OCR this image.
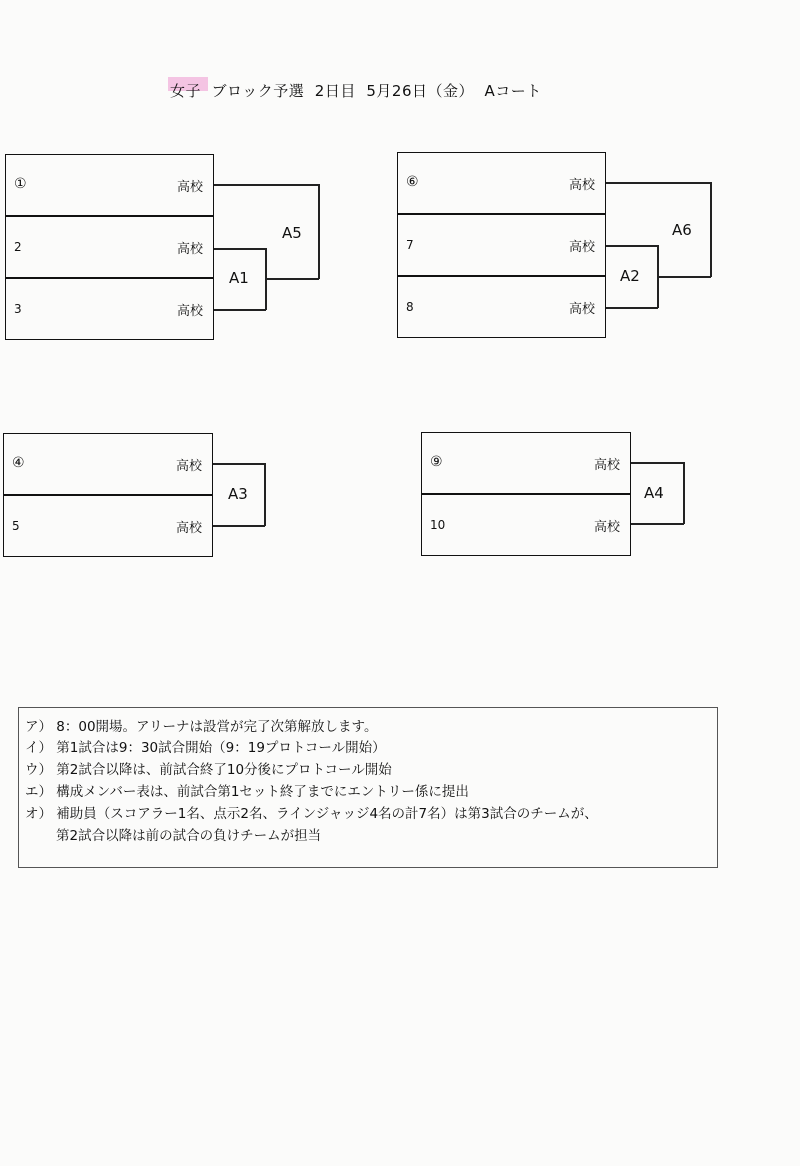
女子  ブロック予選  2日目  5月26日（金）  Aコート
①	高校
2	高校
3	高校
A1
A5
⑥	高校
7	高校
8	高校
A2
A6
④	高校
5	高校
A3
⑨	高校
10	高校
A4
ア） 8：00開場。アリーナは設営が完了次第解放します。
イ） 第1試合は9：30試合開始（9：19プロトコール開始）
ウ） 第2試合以降は、前試合終了10分後にプロトコール開始
エ） 構成メンバー表は、前試合第1セット終了までにエントリー係に提出
オ） 補助員（スコアラー1名、点示2名、ラインジャッジ4名の計7名）は第3試合のチームが、
第2試合以降は前の試合の負けチームが担当
